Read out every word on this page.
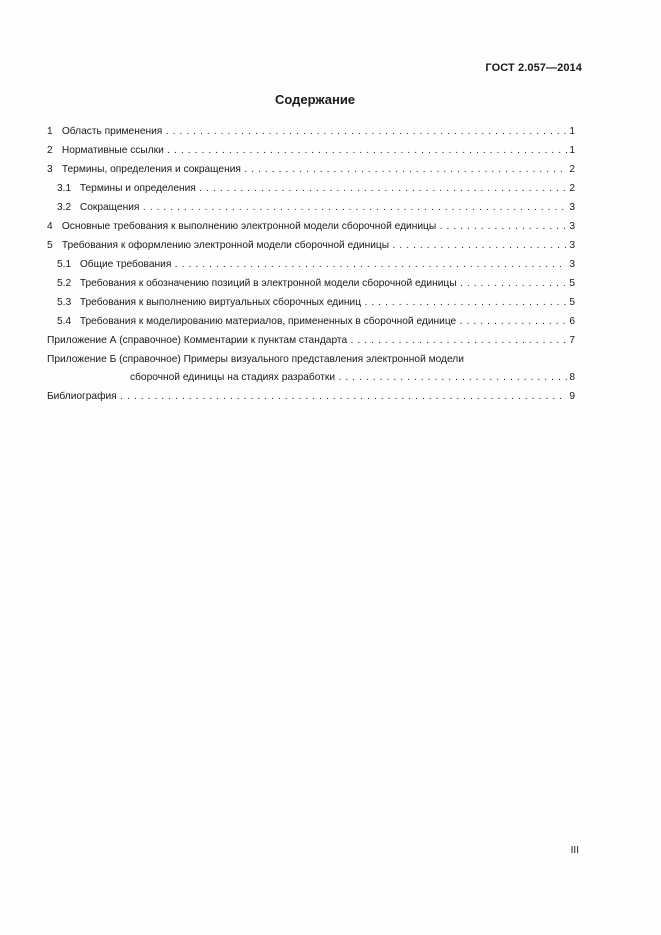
ГОСТ 2.057—2014
Содержание
1 Область применения . . .	1
2 Нормативные ссылки . . .	1
3 Термины, определения и сокращения . . .	2
3.1 Термины и определения . . .	2
3.2 Сокращения . . .	3
4 Основные требования к выполнению электронной модели сборочной единицы . . .	3
5 Требования к оформлению электронной модели сборочной единицы . . .	3
5.1 Общие требования . . .	3
5.2 Требования к обозначению позиций в электронной модели сборочной единицы . . .	5
5.3 Требования к выполнению виртуальных сборочных единиц . . .	5
5.4 Требования к моделированию материалов, примененных в сборочной единице . . .	6
Приложение А (справочное) Комментарии к пунктам стандарта . . .	7
Приложение Б (справочное) Примеры визуального представления электронной модели
сборочной единицы на стадиях разработки . . .	8
Библиография . . .	9
III
